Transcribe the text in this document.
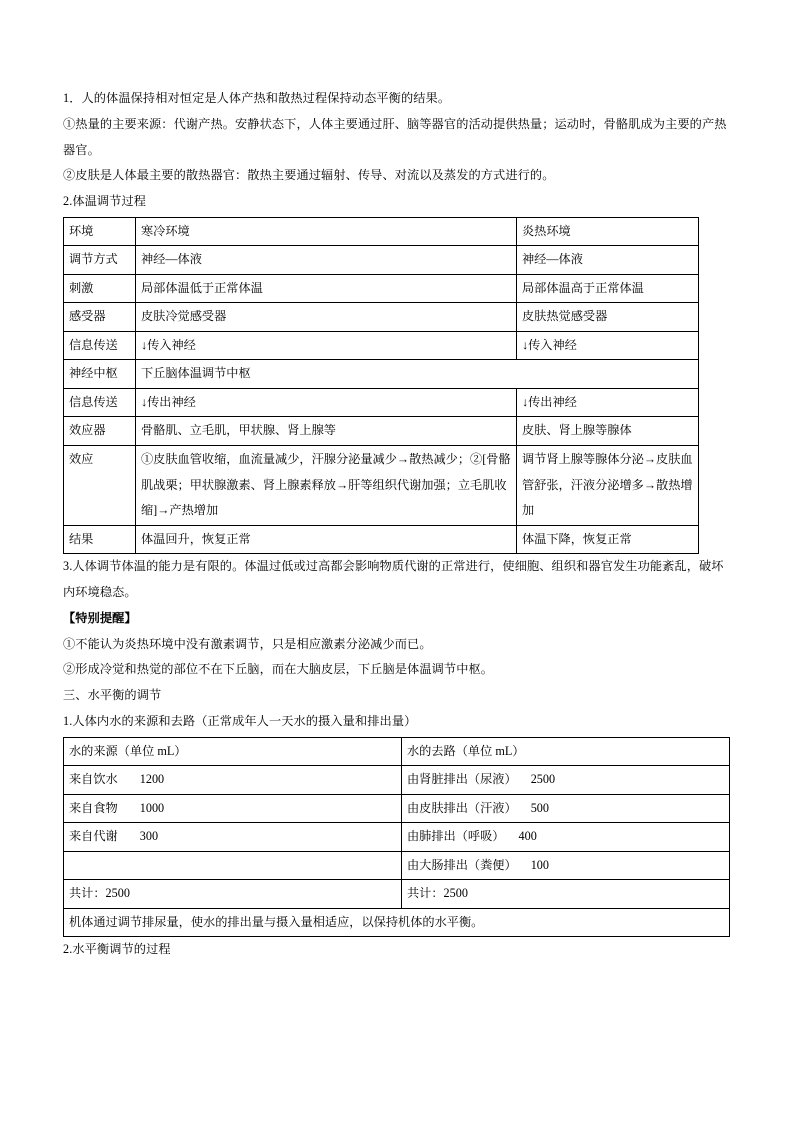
1．人的体温保持相对恒定是人体产热和散热过程保持动态平衡的结果。

①热量的主要来源：代谢产热。安静状态下，人体主要通过肝、脑等器官的活动提供热量；运动时，骨骼肌成为主要的产热器官。

②皮肤是人体最主要的散热器官：散热主要通过辐射、传导、对流以及蒸发的方式进行的。

2.体温调节过程

环境	寒冷环境	炎热环境
调节方式	神经—体液	神经—体液
刺激	局部体温低于正常体温	局部体温高于正常体温
感受器	皮肤冷觉感受器	皮肤热觉感受器
信息传送	↓传入神经	↓传入神经
神经中枢	下丘脑体温调节中枢	
信息传送	↓传出神经	↓传出神经
效应器	骨骼肌、立毛肌，甲状腺、肾上腺等	皮肤、肾上腺等腺体
效应	①皮肤血管收缩，血流量减少，汗腺分泌量减少→散热减少；②[骨骼肌战栗；甲状腺激素、肾上腺素释放→肝等组织代谢加强；立毛肌收缩]→产热增加	调节肾上腺等腺体分泌→皮肤血管舒张，汗液分泌增多→散热增加
结果	体温回升，恢复正常	体温下降，恢复正常

3.人体调节体温的能力是有限的。体温过低或过高都会影响物质代谢的正常进行，使细胞、组织和器官发生功能紊乱，破坏内环境稳态。

【特别提醒】

①不能认为炎热环境中没有激素调节，只是相应激素分泌减少而已。

②形成冷觉和热觉的部位不在下丘脑，而在大脑皮层，下丘脑是体温调节中枢。

三、水平衡的调节

1.人体内水的来源和去路（正常成年人一天水的摄入量和排出量）

水的来源（单位 mL）	水的去路（单位 mL）
来自饮水 1200	由肾脏排出（尿液） 2500
来自食物 1000	由皮肤排出（汗液） 500
来自代谢 300	由肺排出（呼吸） 400
	由大肠排出（粪便） 100
共计：2500	共计：2500
机体通过调节排尿量，使水的排出量与摄入量相适应，以保持机体的水平衡。	

2.水平衡调节的过程
